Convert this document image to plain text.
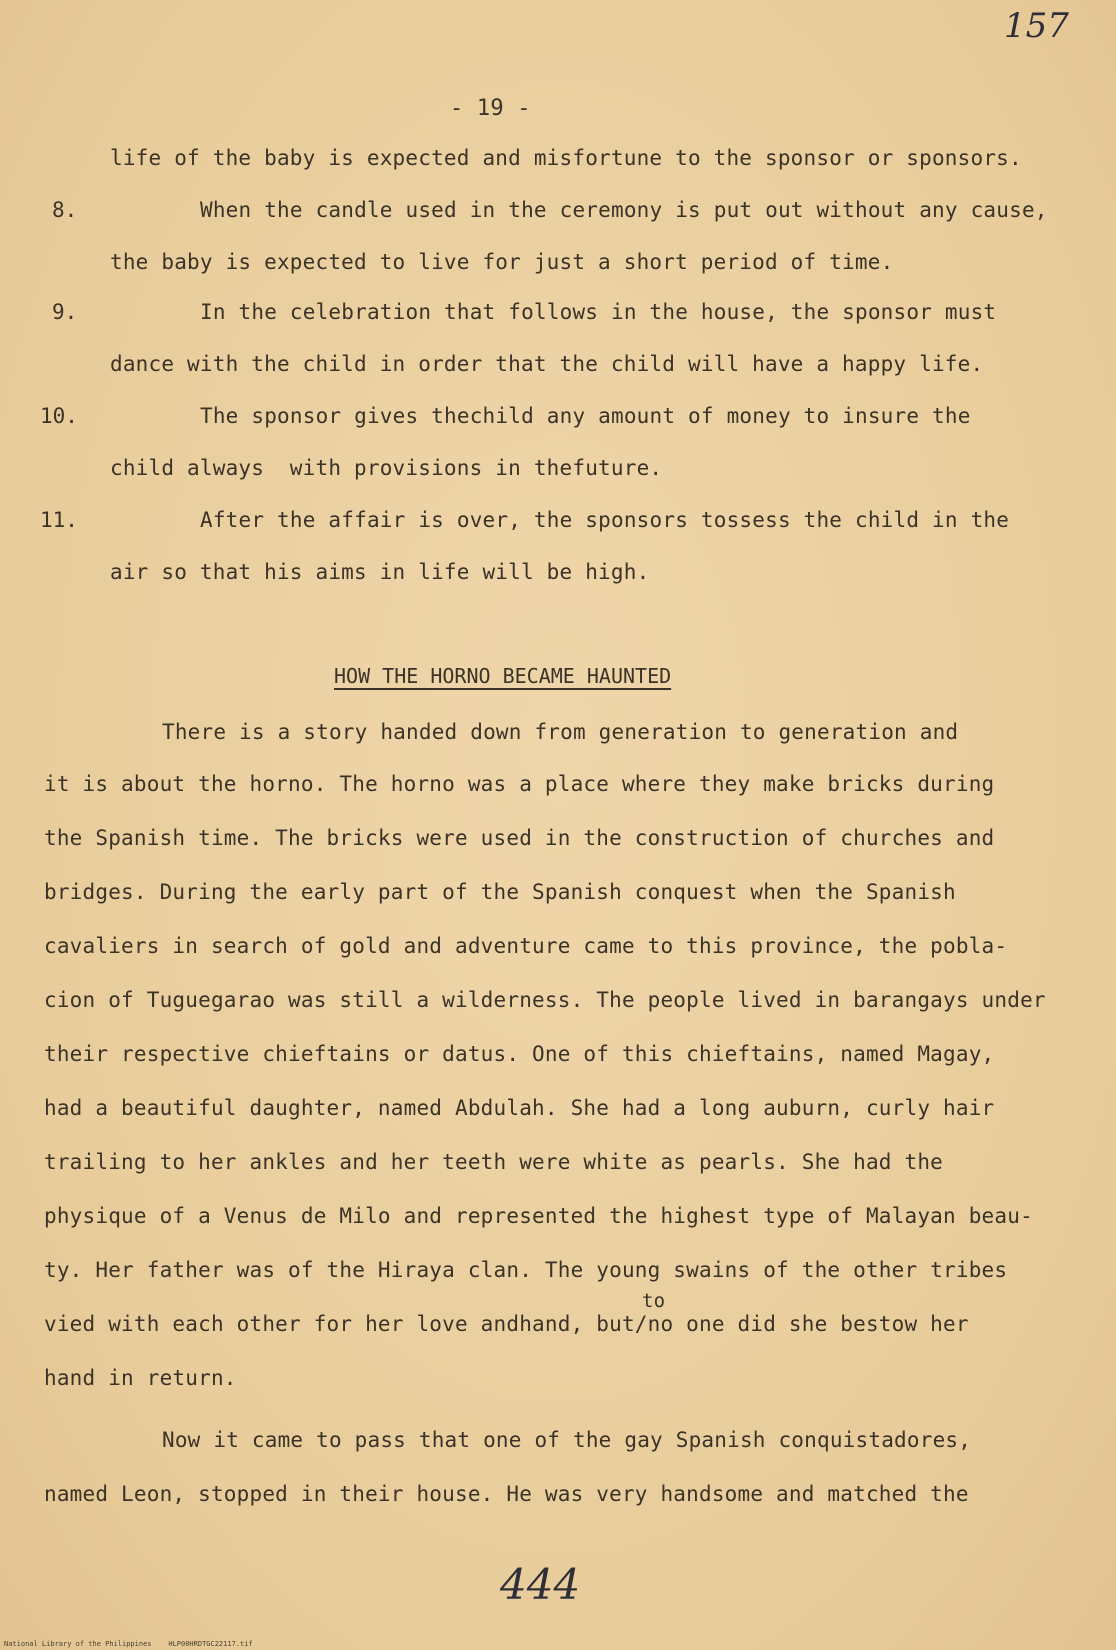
157
- 19 -
life of the baby is expected and misfortune to the sponsor or sponsors.
8.	When the candle used in the ceremony is put out without any cause,
the baby is expected to live for just a short period of time.
9.	In the celebration that follows in the house, the sponsor must
dance with the child in order that the child will have a happy life.
10.	The sponsor gives thechild any amount of money to insure the
child always  with provisions in thefuture.
11.	After the affair is over, the sponsors tossess the child in the
air so that his aims in life will be high.
HOW THE HORNO BECAME HAUNTED
There is a story handed down from generation to generation and
it is about the horno. The horno was a place where they make bricks during
the Spanish time. The bricks were used in the construction of churches and
bridges. During the early part of the Spanish conquest when the Spanish
cavaliers in search of gold and adventure came to this province, the pobla-
cion of Tuguegarao was still a wilderness. The people lived in barangays under
their respective chieftains or datus. One of this chieftains, named Magay,
had a beautiful daughter, named Abdulah. She had a long auburn, curly hair
trailing to her ankles and her teeth were white as pearls. She had the
physique of a Venus de Milo and represented the highest type of Malayan beau-
ty. Her father was of the Hiraya clan. The young swains of the other tribes
to
vied with each other for her love andhand, but/no one did she bestow her
hand in return.
Now it came to pass that one of the gay Spanish conquistadores,
named Leon, stopped in their house. He was very handsome and matched the
444
National Library of the Philippines    HLP00HRDTGC22117.tif
